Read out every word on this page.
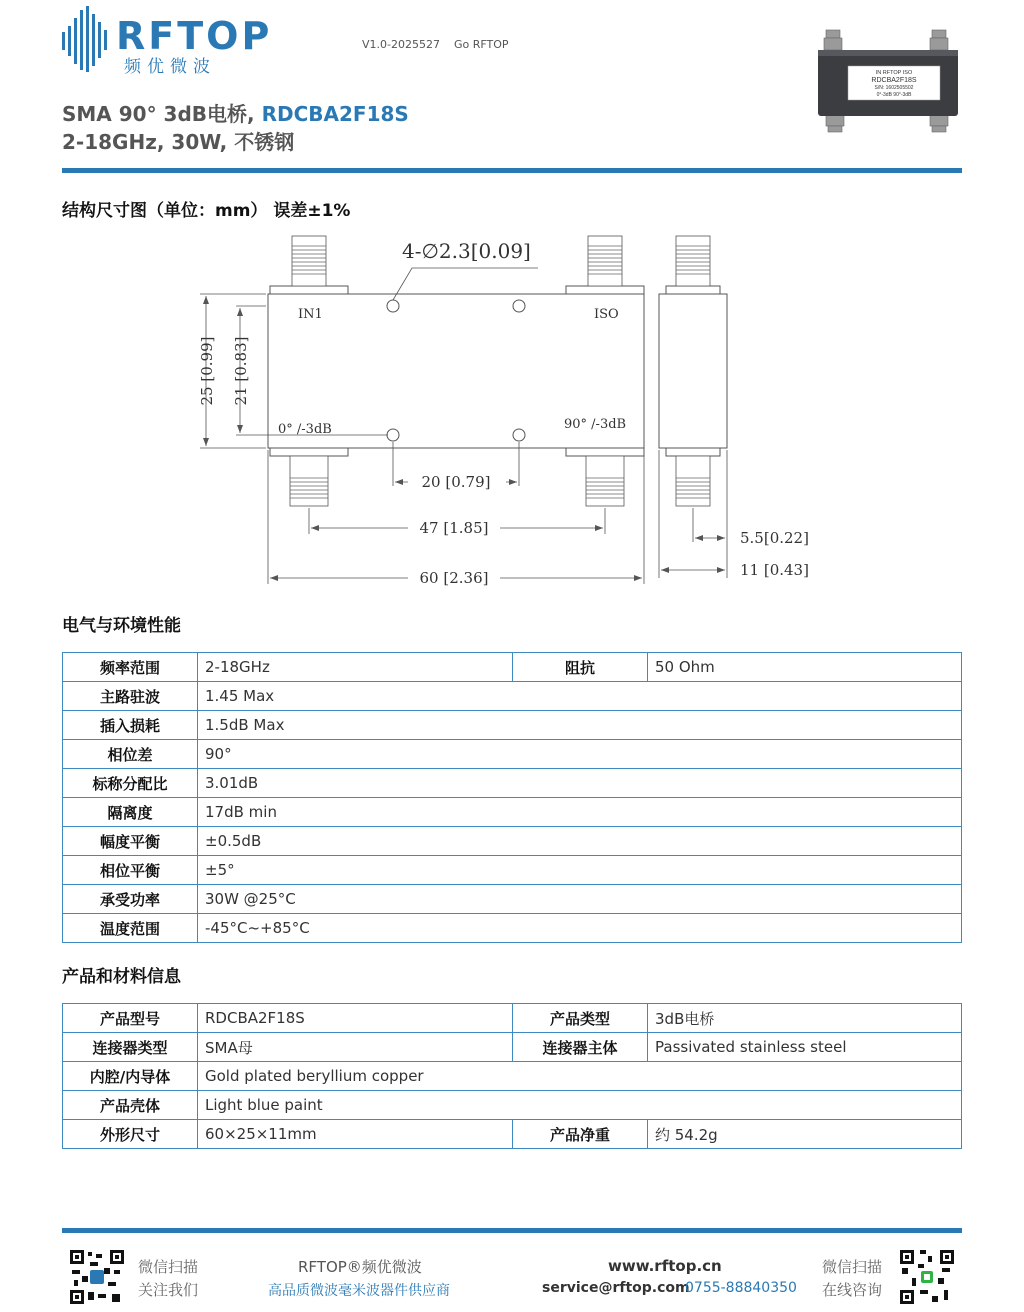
RFTOP
频优微波
V1.0-2025527 Go RFTOP
IN RFTOP ISO
RDCBA2F18S
S/N: 1602505502
0°-3dB 90°-3dB
SMA 90° 3dB电桥, RDCBA2F18S
2-18GHz, 30W, 不锈钢
结构尺寸图（单位：mm） 误差±1%
4-∅2.3[0.09]
IN1	ISO
0° /-3dB	90° /-3dB
25 [0.99] 21 [0.83]
20 [0.79]
47 [1.85]
60 [2.36]
5.5[0.22]
11 [0.43]
电气与环境性能
频率范围	2-18GHz	阻抗	50 Ohm
主路驻波	1.45 Max		
插入损耗	1.5dB Max		
相位差	90°		
标称分配比	3.01dB		
隔离度	17dB min		
幅度平衡	±0.5dB		
相位平衡	±5°		
承受功率	30W @25°C		
温度范围	-45°C~+85°C		
产品和材料信息
产品型号	RDCBA2F18S	产品类型	3dB电桥
连接器类型	SMA母	连接器主体	Passivated stainless steel
内腔/内导体	Gold plated beryllium copper		
产品壳体	Light blue paint		
外形尺寸	60×25×11mm	产品净重	约 54.2g
微信扫描
关注我们
RFTOP®频优微波
高品质微波毫米波器件供应商
www.rftop.cn
service@rftop.com
0755-88840350
微信扫描
在线咨询
